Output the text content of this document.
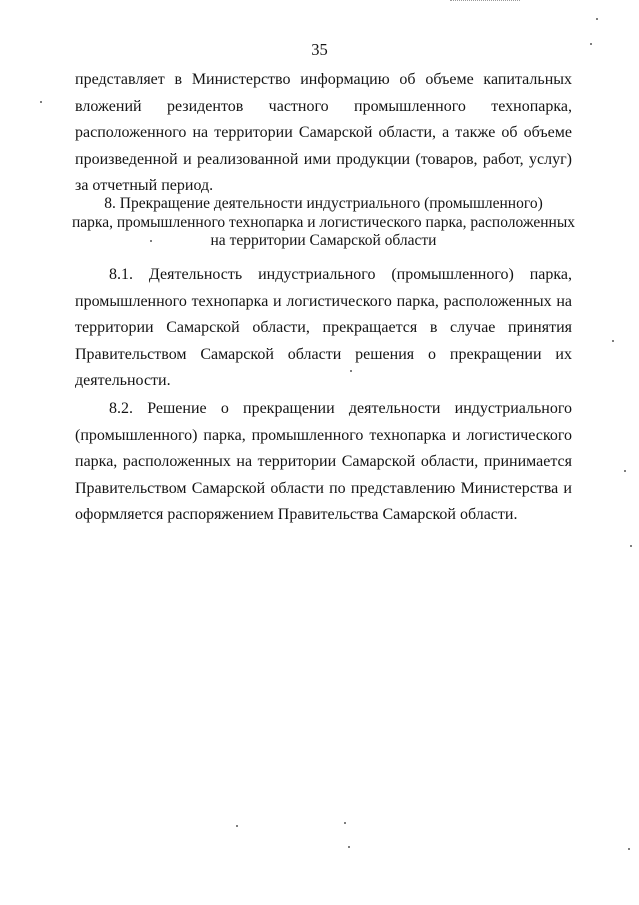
35

представляет в Министерство информацию об объеме капитальных вложений резидентов частного промышленного технопарка, расположенного на территории Самарской области, а также об объеме произведенной и реализованной ими продукции (товаров, работ, услуг) за отчетный период.

8. Прекращение деятельности индустриального (промышленного)
парка, промышленного технопарка и логистического парка, расположенных
на территории Самарской области

8.1. Деятельность индустриального (промышленного) парка, промышленного технопарка и логистического парка, расположенных на территории Самарской области, прекращается в случае принятия Правительством Самарской области решения о прекращении их деятельности.

8.2. Решение о прекращении деятельности индустриального (промышленного) парка, промышленного технопарка и логистического парка, расположенных на территории Самарской области, принимается Правительством Самарской области по представлению Министерства и оформляется распоряжением Правительства Самарской области.
